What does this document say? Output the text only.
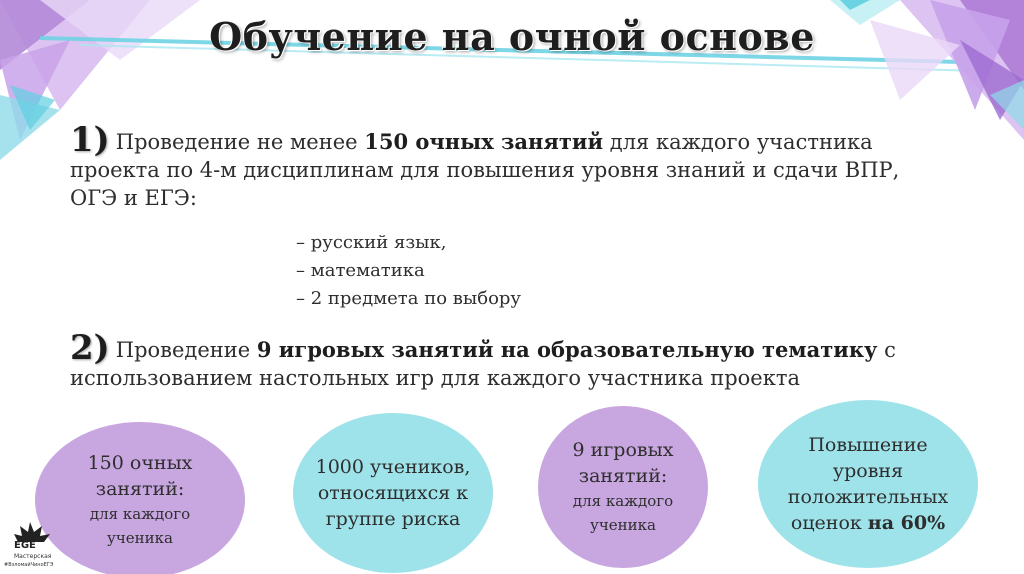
Обучение на очной основе
1) Проведение не менее 150 очных занятий для каждого участника проекта по 4-м дисциплинам для повышения уровня знаний и сдачи ВПР, ОГЭ и ЕГЭ:
– русский язык,
– математика
– 2 предмета по выбору
2) Проведение 9 игровых занятий на образовательную тематику с использованием настольных игр для каждого участника проекта
150 очных
занятий:
для каждого
ученика
1000 учеников,
относящихся к
группе риска
9 игровых
занятий:
для каждого
ученика
Повышение
уровня
положительных
оценок на 60%
EGE
Мастерская
#ВзломайЧиноЕГЭ
